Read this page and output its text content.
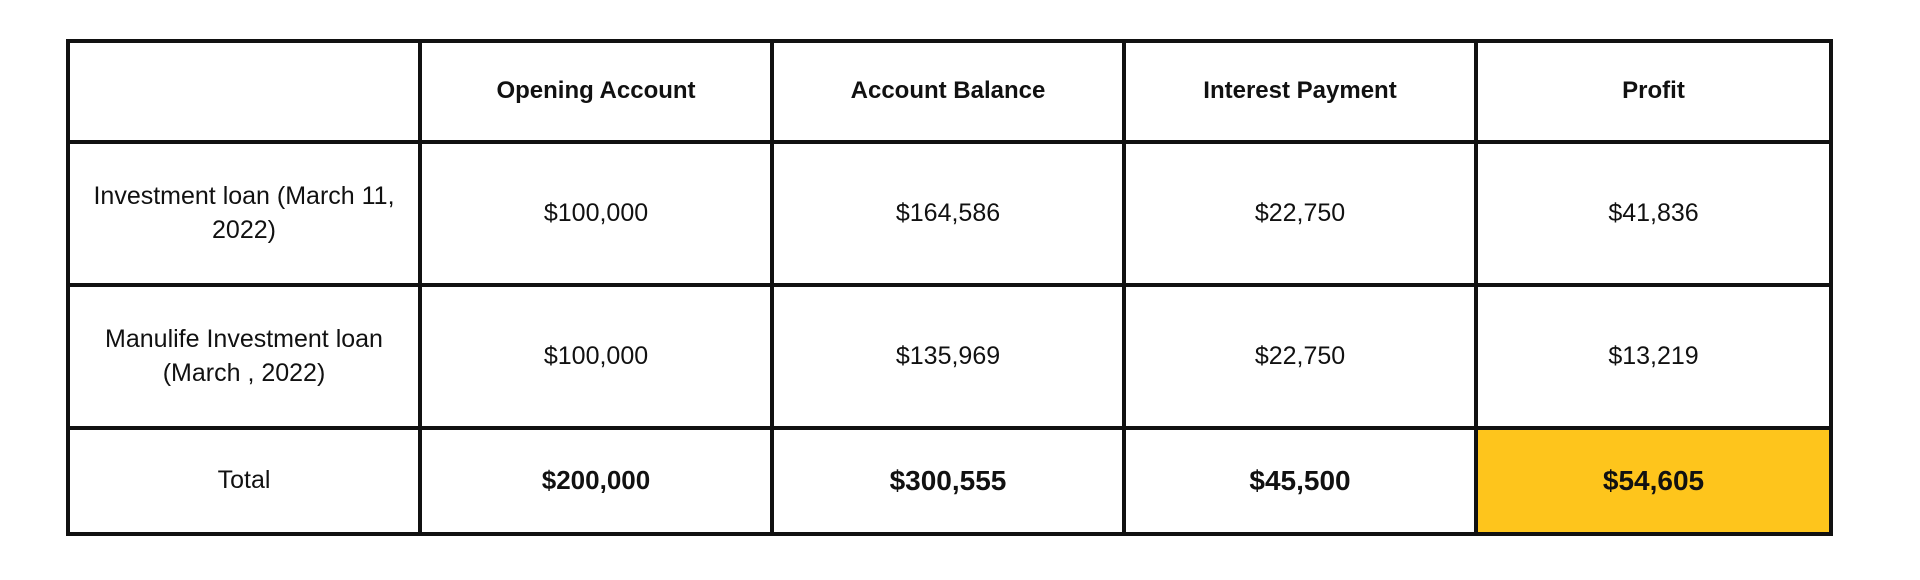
	Opening Account	Account Balance	Interest Payment	Profit
Investment loan (March 11, 2022)	$100,000	$164,586	$22,750	$41,836
Manulife Investment loan (March , 2022)	$100,000	$135,969	$22,750	$13,219
Total	$200,000	$300,555	$45,500	$54,605
